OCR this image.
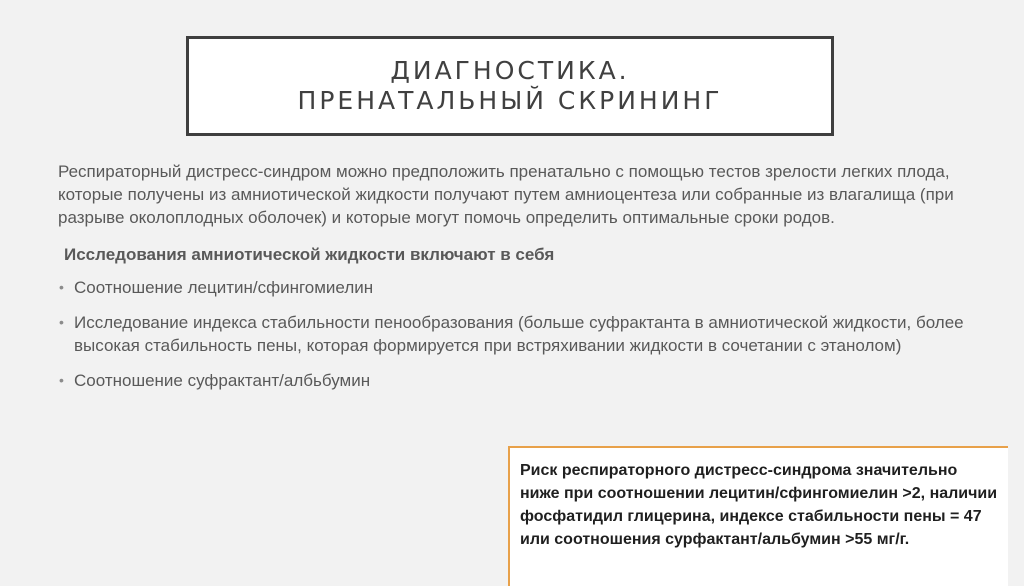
ДИАГНОСТИКА.
ПРЕНАТАЛЬНЫЙ СКРИНИНГ

Респираторный дистресс-синдром можно предположить пренатально с помощью тестов зрелости легких плода, которые получены из амниотической жидкости получают путем амниоцентеза или собранные из влагалища (при разрыве околоплодных оболочек) и которые могут помочь определить оптимальные сроки родов.

Исследования амниотической жидкости включают в себя
• Соотношение лецитин/сфингомиелин
• Исследование индекса стабильности пенообразования (больше суфрактанта в амниотической жидкости, более высокая стабильность пены, которая формируется при встряхивании жидкости в сочетании с этанолом)
• Соотношение суфрактант/албьбумин
Риск респираторного дистресс-синдрома значительно ниже при соотношении лецитин/сфингомиелин >2, наличии фосфатидил глицерина, индексе стабильности пены = 47 или соотношения сурфактант/альбумин >55 мг/г.
